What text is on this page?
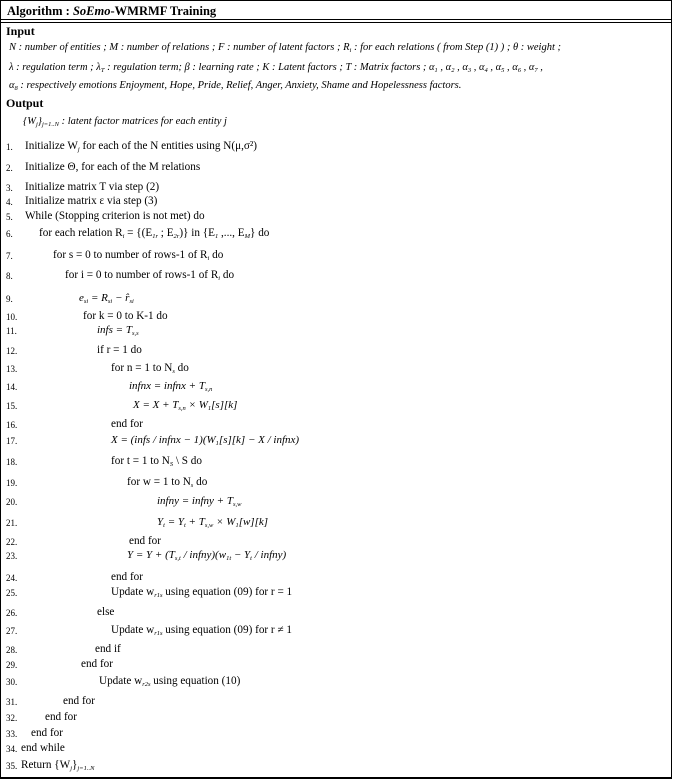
Algorithm : SoEmo-WMRMF Training
Input
N : number of entities ; M : number of relations ; F : number of latent factors ; $R_i$ : for each relations ( from Step (1) ) ; θ : weight ;
λ : regulation term ; $\lambda_T$ : regulation term; β : learning rate ; K : Latent factors ; T : Matrix factors ; $\alpha_1$ , $\alpha_2$ , $\alpha_3$ , $\alpha_4$ , $\alpha_5$ , $\alpha_6$ , $\alpha_7$ ,
$\alpha_8$ : respectively emotions Enjoyment, Hope, Pride, Relief, Anger, Anxiety, Shame and Hopelessness factors.
Output
$\{W_j\}_{j=1..N}$ : latent factor matrices for each entity j
1. Initialize $W_j$ for each of the N entities using N(μ,σ²)
2. Initialize Θ, for each of the M relations
3. Initialize matrix T via step (2)
4. Initialize matrix ε via step (3)
5. While (Stopping criterion is not met) do
6. for each relation $R_i = \{(E_{1r}$ ; $E_{2r}$)} in {$E_1$ ,..., $E_M$} do
7.	for s = 0 to number of rows-1 of $R_i$ do
8.	for i = 0 to number of rows-1 of $R_i$ do
9.	$e_{si} = R_{si}$ − $r̂_{si}$
10.	for k = 0 to K-1 do
11.	infs = $T_{s,s}$
12.	if r = 1 do
13.	for n = 1 to $N_s$ do
14.	infnx = infnx + $T_{s,n}$
15.	$X = X + T_{s,n} \times W_1[s][k]$
16.	end for
17.	X = (infs / infnx − $1)(W_1[s][k] - X$ / infnx)
18.	for t = 1 to $N_S$ \ S do
19.	for w = 1 to $N_s$ do
20.	infny = infny + $T_{s,w}$
21.	$Y_t = Y_t + T_{s,w} \times W_1[w][k]$
22.	end for
23.	$Y = Y + (T_{s,t}$ / $infny)(w_{1t} - Y_t$ / infny)
24.	end for
25.	Update $w_{r1s}$ using equation (09) for r = 1
26.	else
27.	Update $w_{r1s}$ using equation (09) for r ≠ 1
28.	end if
29.	end for
30.	Update $w_{r2s}$ using equation (10)
31.	end for
32. end for
33. end for
34. end while
35. Return $\{W_j\}_{j=1..N}$
